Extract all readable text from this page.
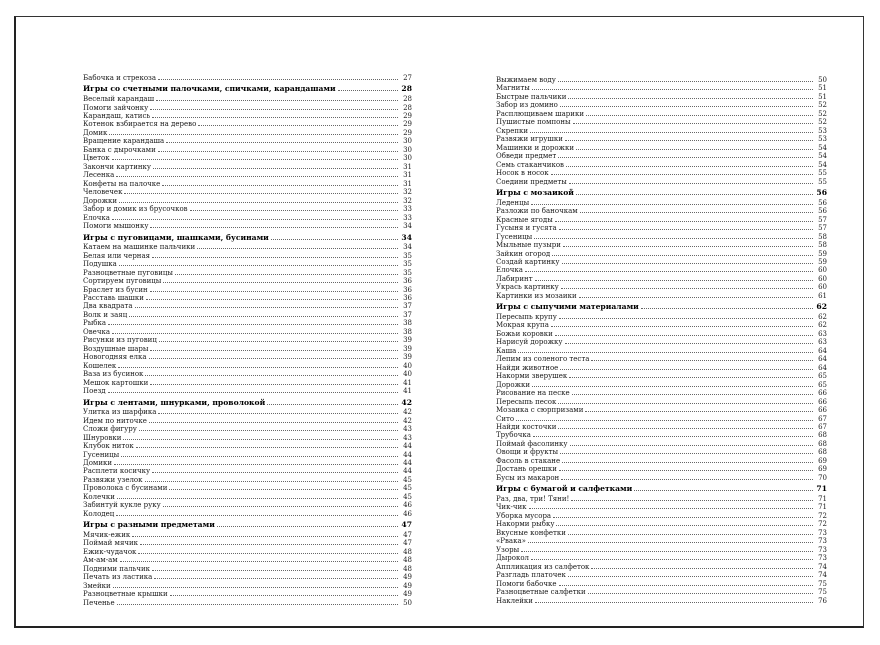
Бабочка и стрекоза	27
Игры со счетными палочками, спичками, карандашами	28
Веселый карандаш	28
Помоги зайчонку	28
Карандаш, катись	29
Котенок взбирается на дерево	29
Домик	29
Вращение карандаша	30
Банка с дырочками	30
Цветок	30
Закончи картинку	31
Лесенка	31
Конфеты на палочке	31
Человечек	32
Дорожки	32
Забор и домик из брусочков	33
Елочка	33
Помоги мышонку	34
Игры с пуговицами, шашками, бусинами	34
Катаем на машинке пальчики	34
Белая или черная	35
Подушка	35
Разноцветные пуговицы	35
Сортируем пуговицы	36
Браслет из бусин	36
Расставь шашки	36
Два квадрата	37
Волк и заяц	37
Рыбка	38
Овечка	38
Рисунки из пуговиц	39
Воздушные шары	39
Новогодняя елка	39
Кошелек	40
Ваза из бусинок	40
Мешок картошки	41
Поезд	41
Игры с лентами, шнурками, проволокой	42
Улитка из шарфика	42
Идем по ниточке	42
Сложи фигуру	43
Шнуровки	43
Клубок ниток	44
Гусеницы	44
Домики	44
Расплети косичку	44
Развяжи узелок	45
Проволока с бусинами	45
Колечки	45
Забинтуй кукле руку	46
Колодец	46
Игры с разными предметами	47
Мячик-ежик	47
Поймай мячик	47
Ежик-чудачок	48
Ам-ам-ам	48
Подними пальчик	48
Печать из ластика	49
Змейки	49
Разноцветные крышки	49
Печенье	50
Выжимаем воду	50
Магниты	51
Быстрые пальчики	51
Забор из домино	52
Расплющиваем шарики	52
Пушистые помпоны	52
Скрепки	53
Развяжи игрушки	53
Машинки и дорожки	54
Обведи предмет	54
Семь стаканчиков	54
Носок в носок	55
Соедини предметы	55
Игры с мозаикой	56
Леденцы	56
Разложи по баночкам	56
Красные ягоды	57
Гусыня и гусята	57
Гусеницы	58
Мыльные пузыри	58
Зайкин огород	59
Создай картинку	59
Елочка	60
Лабиринт	60
Укрась картинку	60
Картинки из мозаики	61
Игры с сыпучими материалами	62
Пересыпь крупу	62
Мокрая крупа	62
Божьи коровки	63
Нарисуй дорожку	63
Каша	64
Лепим из соленого теста	64
Найди животное	64
Накорми зверушек	65
Дорожки	65
Рисование на песке	66
Пересыпь песок	66
Мозаика с сюрпризами	66
Сито	67
Найди косточки	67
Трубочка	68
Поймай фасолинку	68
Овощи и фрукты	68
Фасоль в стакане	69
Достань орешки	69
Бусы из макарон	70
Игры с бумагой и салфетками	71
Раз, два, три! Тяни!	71
Чик-чик	71
Уборка мусора	72
Накорми рыбку	72
Вкусные конфетки	73
«Рвака»	73
Узоры	73
Дырокол	73
Аппликация из салфеток	74
Разгладь платочек	74
Помоги бабочке	75
Разноцветные салфетки	75
Наклейки	76
